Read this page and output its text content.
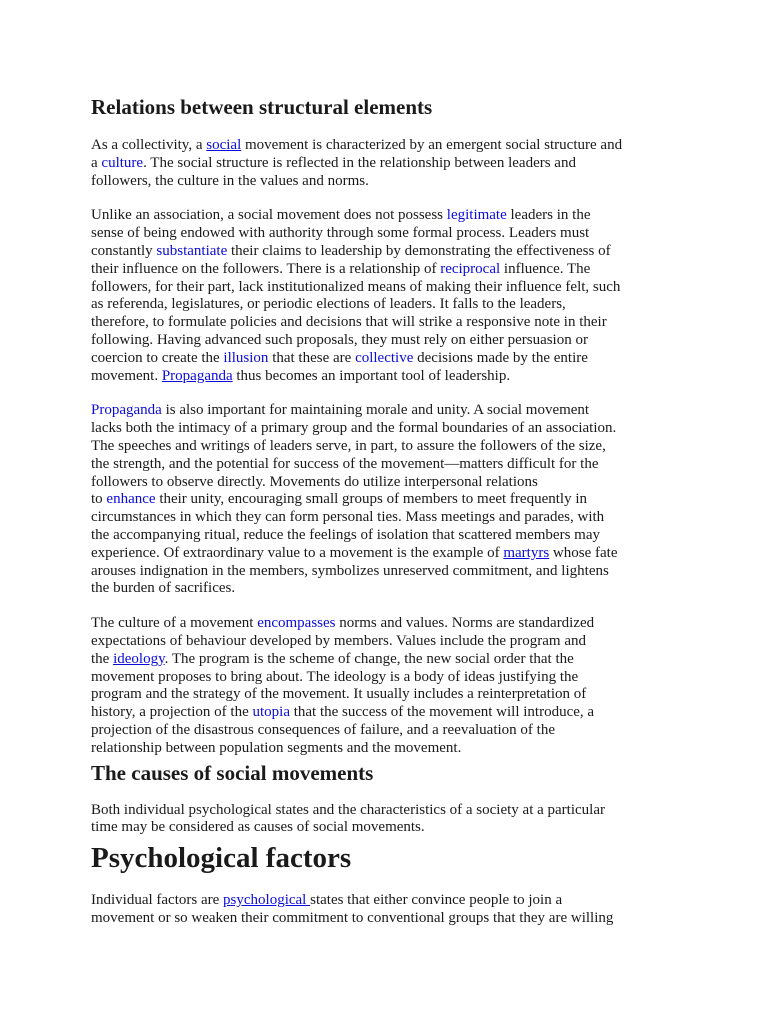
Relations between structural elements

As a collectivity, a social movement is characterized by an emergent social structure and
a culture. The social structure is reflected in the relationship between leaders and
followers, the culture in the values and norms.

Unlike an association, a social movement does not possess legitimate leaders in the
sense of being endowed with authority through some formal process. Leaders must
constantly substantiate their claims to leadership by demonstrating the effectiveness of
their influence on the followers. There is a relationship of reciprocal influence. The
followers, for their part, lack institutionalized means of making their influence felt, such
as referenda, legislatures, or periodic elections of leaders. It falls to the leaders,
therefore, to formulate policies and decisions that will strike a responsive note in their
following. Having advanced such proposals, they must rely on either persuasion or
coercion to create the illusion that these are collective decisions made by the entire
movement. Propaganda thus becomes an important tool of leadership.

Propaganda is also important for maintaining morale and unity. A social movement
lacks both the intimacy of a primary group and the formal boundaries of an association.
The speeches and writings of leaders serve, in part, to assure the followers of the size,
the strength, and the potential for success of the movement—matters difficult for the
followers to observe directly. Movements do utilize interpersonal relations
to enhance their unity, encouraging small groups of members to meet frequently in
circumstances in which they can form personal ties. Mass meetings and parades, with
the accompanying ritual, reduce the feelings of isolation that scattered members may
experience. Of extraordinary value to a movement is the example of martyrs whose fate
arouses indignation in the members, symbolizes unreserved commitment, and lightens
the burden of sacrifices.

The culture of a movement encompasses norms and values. Norms are standardized
expectations of behaviour developed by members. Values include the program and
the ideology. The program is the scheme of change, the new social order that the
movement proposes to bring about. The ideology is a body of ideas justifying the
program and the strategy of the movement. It usually includes a reinterpretation of
history, a projection of the utopia that the success of the movement will introduce, a
projection of the disastrous consequences of failure, and a reevaluation of the
relationship between population segments and the movement.

The causes of social movements

Both individual psychological states and the characteristics of a society at a particular
time may be considered as causes of social movements.

Psychological factors

Individual factors are psychological states that either convince people to join a
movement or so weaken their commitment to conventional groups that they are willing
